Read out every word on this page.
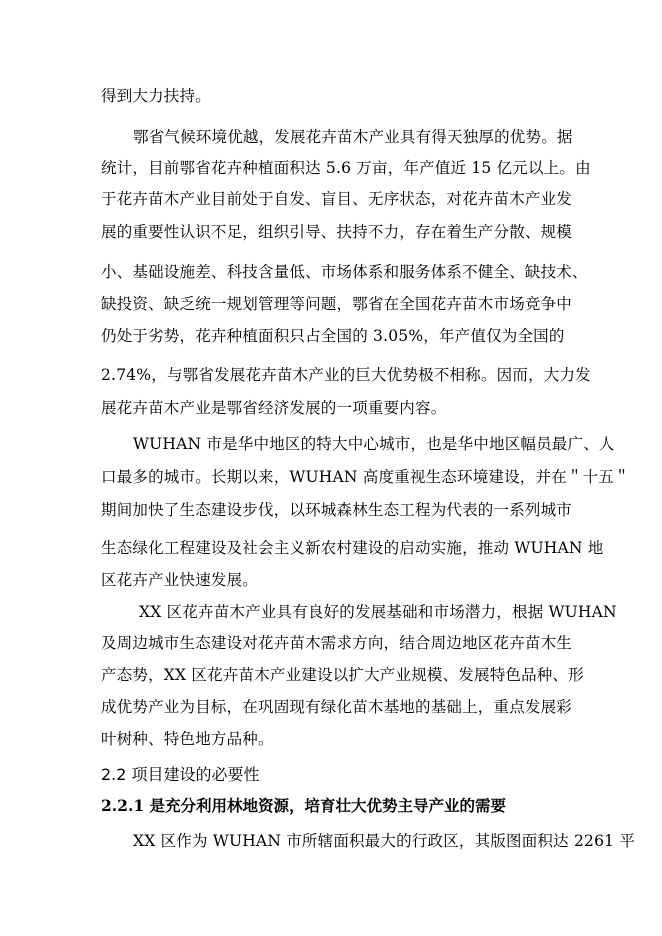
得到大力扶持。
鄂省气候环境优越，发展花卉苗木产业具有得天独厚的优势。据
统计，目前鄂省花卉种植面积达 5.6 万亩，年产值近 15 亿元以上。由
于花卉苗木产业目前处于自发、盲目、无序状态，对花卉苗木产业发
展的重要性认识不足，组织引导、扶持不力，存在着生产分散、规模
小、基础设施差、科技含量低、市场体系和服务体系不健全、缺技术、
缺投资、缺乏统一规划管理等问题，鄂省在全国花卉苗木市场竞争中
仍处于劣势，花卉种植面积只占全国的 3.05%，年产值仅为全国的
2.74%，与鄂省发展花卉苗木产业的巨大优势极不相称。因而，大力发
展花卉苗木产业是鄂省经济发展的一项重要内容。
WUHAN 市是华中地区的特大中心城市，也是华中地区幅员最广、人
口最多的城市。长期以来，WUHAN 高度重视生态环境建设，并在＂十五＂
期间加快了生态建设步伐，以环城森林生态工程为代表的一系列城市
生态绿化工程建设及社会主义新农村建设的启动实施，推动 WUHAN 地
区花卉产业快速发展。
XX 区花卉苗木产业具有良好的发展基础和市场潜力，根据 WUHAN
及周边城市生态建设对花卉苗木需求方向，结合周边地区花卉苗木生
产态势，XX 区花卉苗木产业建设以扩大产业规模、发展特色品种、形
成优势产业为目标，在巩固现有绿化苗木基地的基础上，重点发展彩
叶树种、特色地方品种。
2.2 项目建设的必要性
2.2.1 是充分利用林地资源，培育壮大优势主导产业的需要
XX 区作为 WUHAN 市所辖面积最大的行政区，其版图面积达 2261 平
